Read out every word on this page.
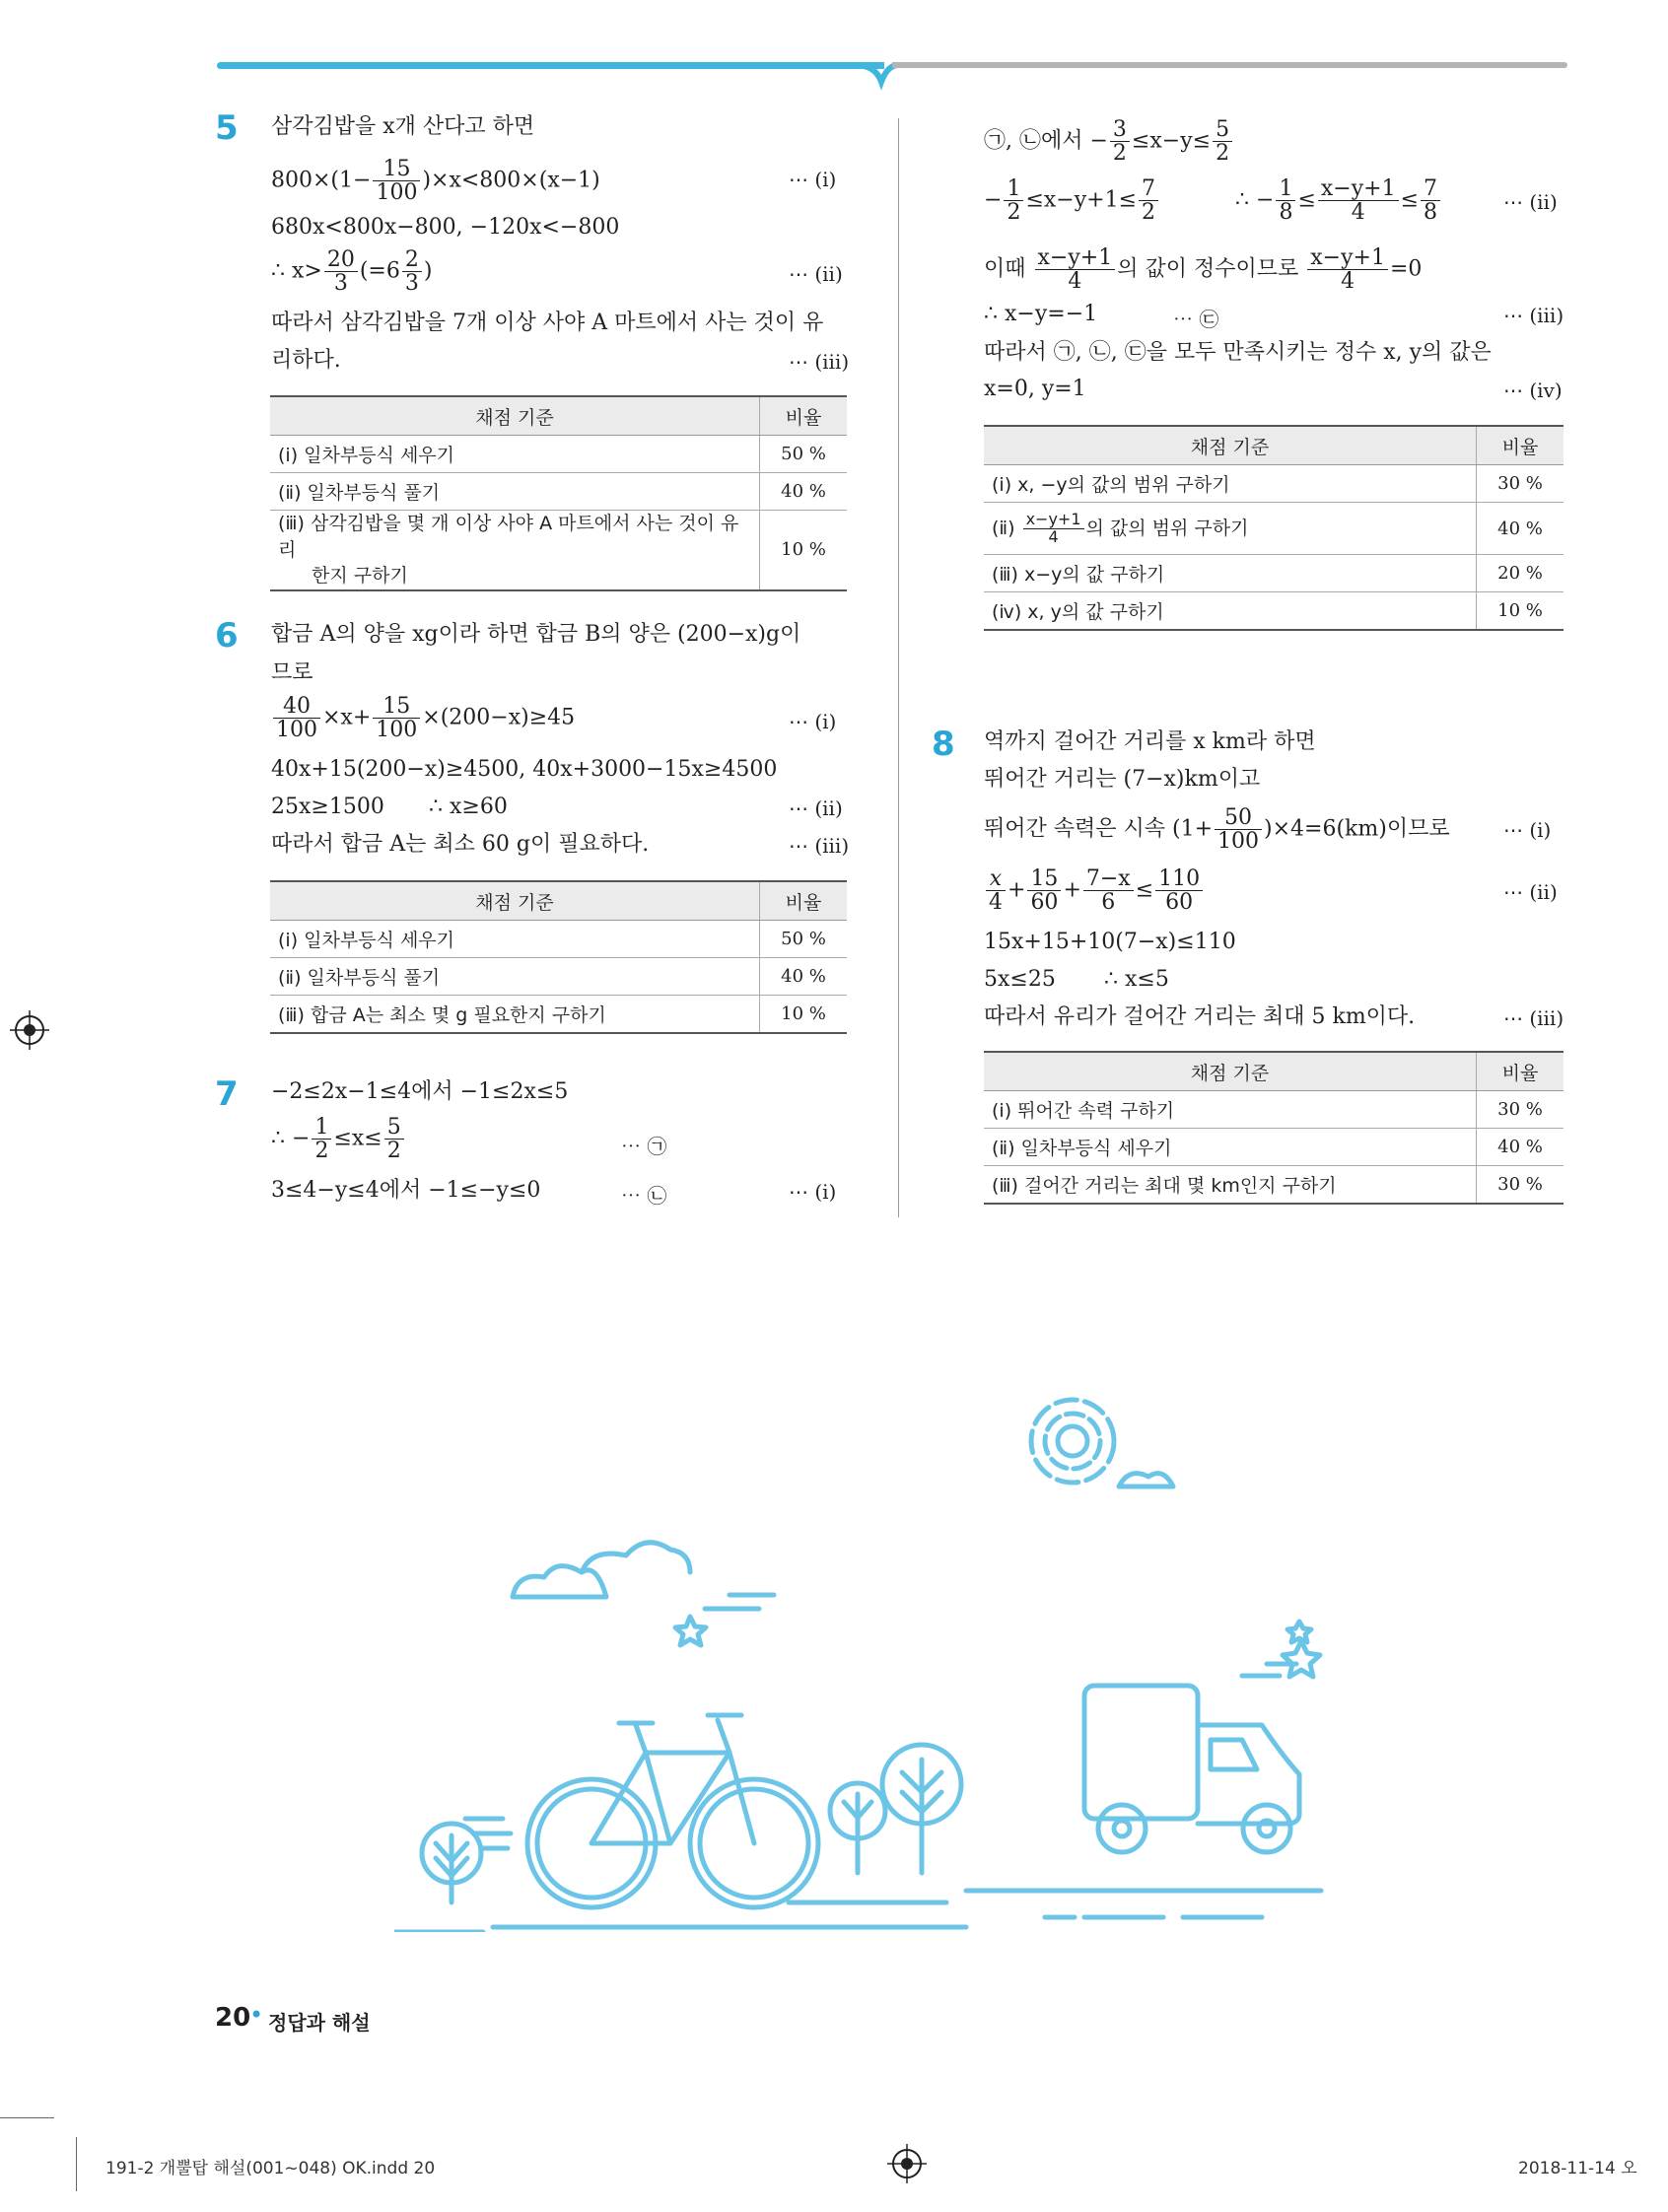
5 삼각김밥을 x개 산다고 하면
$800\times(1- \frac{15}{100} )\times x<800\times(x-1)$	⋯ (ⅰ)
680x<800x−800, −120x<−800
∴ $x> \frac{20}{3} (=6 \frac{2}{3}$ )	⋯ (ⅱ)
따라서 삼각김밥을 7개 이상 사야 A 마트에서 사는 것이 유
리하다.	⋯ (ⅲ)
채점 기준	비율
(ⅰ) 일차부등식 세우기	50 %
(ⅱ) 일차부등식 풀기	40 %
(ⅲ) 삼각김밥을 몇 개 이상 사야 A 마트에서 사는 것이 유리
한지 구하기	10 %
6 합금 A의 양을 xg이라 하면 합금 B의 양은 (200−x)g이
므로
$\frac{40}{100} \times x+ \frac{15}{100} \times(200-x)\ge 45$	⋯ (ⅰ)
40x+15(200−x)≥4500, 40x+3000−15x≥4500
25x≥1500 ∴ x≥60	⋯ (ⅱ)
따라서 합금 A는 최소 60 g이 필요하다.	⋯ (ⅲ)
채점 기준	비율
(ⅰ) 일차부등식 세우기	50 %
(ⅱ) 일차부등식 풀기	40 %
(ⅲ) 합금 A는 최소 몇 g 필요한지 구하기	10 %
7 −2≤2x−1≤4에서 −1≤2x≤5
∴ − $\frac{1}{2} \le x\le \frac{5}{2}$	⋯ ㉠
3≤4−y≤4에서 −1≤−y≤0	⋯ ㉡	⋯ (ⅰ)
㉠, ㉡에서 − $\frac{3}{2} \le x-y\le \frac{5}{2}$
− $\frac{1}{2} \le x-y+1\le \frac{7}{2}$	∴ − $\frac{1}{8} \le \frac{x-y+1}{4} \le \frac{7}{8}$	⋯ (ⅱ)
이때 $\frac{x-y+1}{4}$ 의 값이 정수이므로 $\frac{x-y+1}{4} =0$
∴ x−y=−1	⋯ ㉢	⋯ (ⅲ)
따라서 ㉠, ㉡, ㉢을 모두 만족시키는 정수 x, y의 값은
x=0, y=1	⋯ (ⅳ)
채점 기준	비율
(ⅰ) x, −y의 값의 범위 구하기	30 %
(ⅱ) $\frac{x-y+1}{4}$ 의 값의 범위 구하기	40 %
(ⅲ) x−y의 값 구하기	20 %
(ⅳ) x, y의 값 구하기	10 %
8 역까지 걸어간 거리를 x km라 하면
뛰어간 거리는 (7−x)km이고
뛰어간 속력은 시속 $(1+ \frac{50}{100} )\times 4=6(km)$이므로	⋯ (ⅰ)
$\frac{x}{4} + \frac{15}{60} + \frac{7-x}{6} \le \frac{110}{60}$	⋯ (ⅱ)
15x+15+10(7−x)≤110
5x≤25 ∴ x≤5
따라서 유리가 걸어간 거리는 최대 5 km이다.	⋯ (ⅲ)
채점 기준	비율
(ⅰ) 뛰어간 속력 구하기	30 %
(ⅱ) 일차부등식 세우기	40 %
(ⅲ) 걸어간 거리는 최대 몇 km인지 구하기	30 %
20
• 정답과 해설
191-2 개뿔탑 해설(001~048) OK.indd 20	2018-11-14 오
